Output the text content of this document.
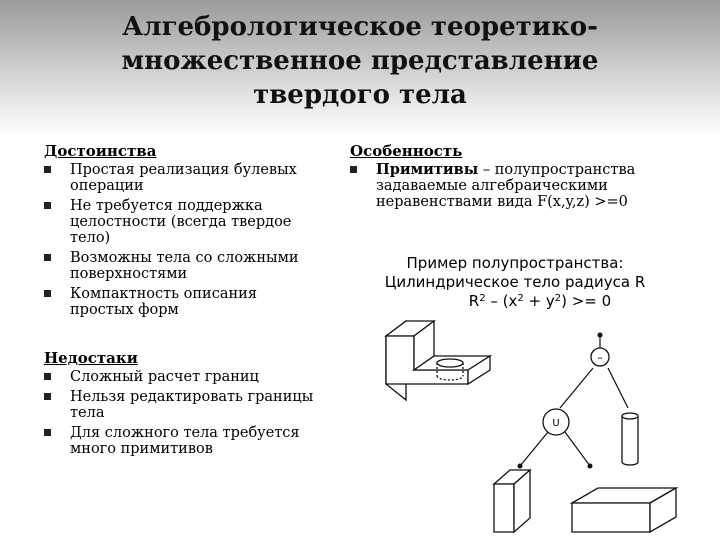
Алгебрологическое теоретико-
множественное представление
твердого тела
Достоинства
Простая реализация булевых
операции
Не требуется поддержка
целостности (всегда твердое
тело)
Возможны тела со сложными
поверхностями
Компактность описания
простых форм
Недостаки
Сложный расчет границ
Нельзя редактировать границы
тела
Для сложного тела требуется
много примитивов
Особенность
Примитивы – полупространства
задаваемые алгебраическими
неравенствами вида F(x,y,z) >=0
Пример полупространства:
Цилиндрическое тело радиуса R
$R^2 - (x^2 + y^2) >= 0$
–
U
